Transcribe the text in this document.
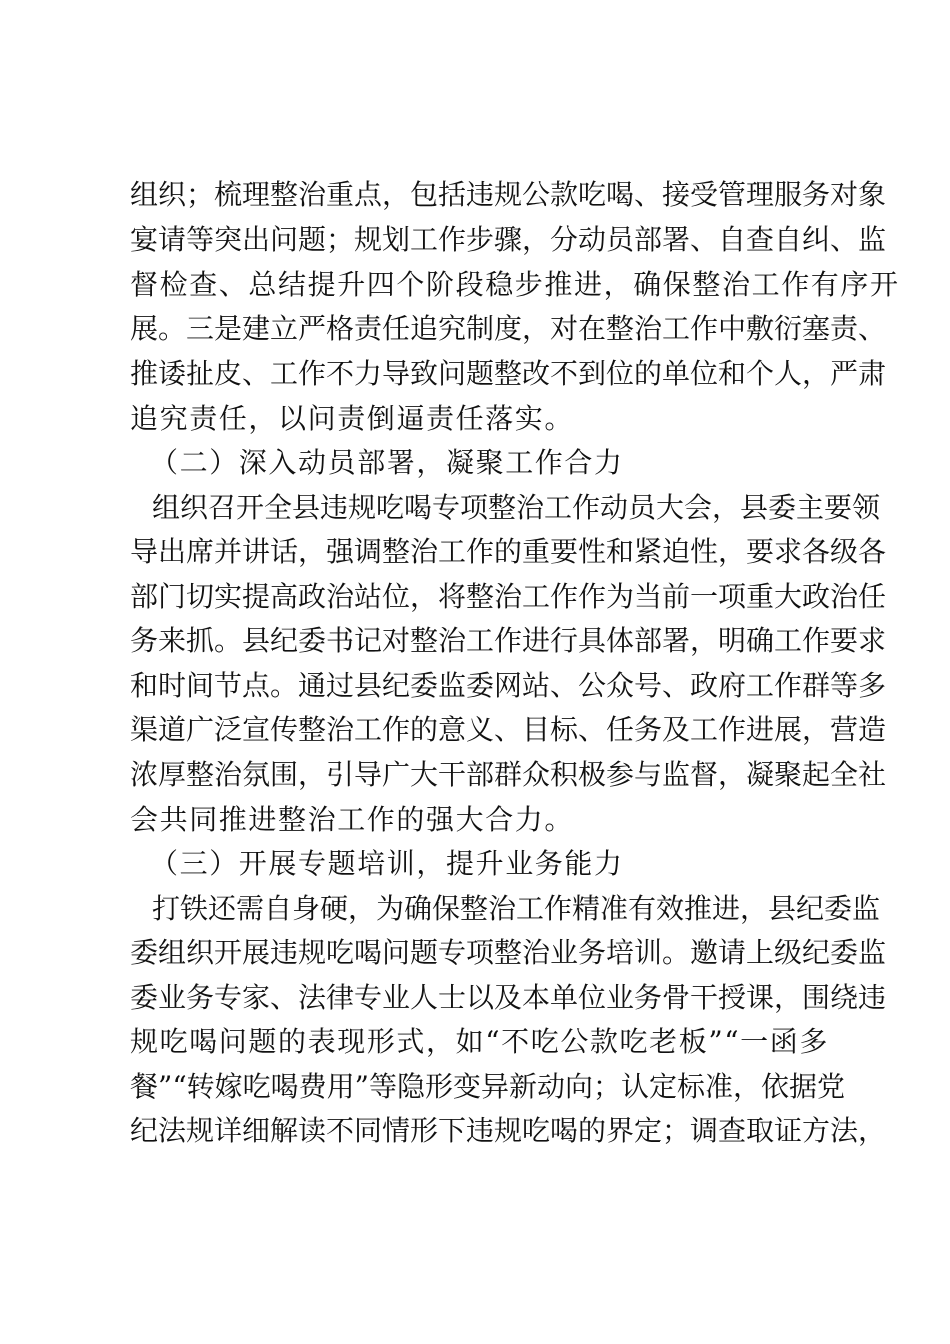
组织；梳理整治重点，包括违规公款吃喝、接受管理服务对象
宴请等突出问题；规划工作步骤，分动员部署、自查自纠、监
督检查、总结提升四个阶段稳步推进，确保整治工作有序开
展。三是建立严格责任追究制度，对在整治工作中敷衍塞责、
推诿扯皮、工作不力导致问题整改不到位的单位和个人，严肃
追究责任，以问责倒逼责任落实。
（二）深入动员部署，凝聚工作合力
组织召开全县违规吃喝专项整治工作动员大会，县委主要领
导出席并讲话，强调整治工作的重要性和紧迫性，要求各级各
部门切实提高政治站位，将整治工作作为当前一项重大政治任
务来抓。县纪委书记对整治工作进行具体部署，明确工作要求
和时间节点。通过县纪委监委网站、公众号、政府工作群等多
渠道广泛宣传整治工作的意义、目标、任务及工作进展，营造
浓厚整治氛围，引导广大干部群众积极参与监督，凝聚起全社
会共同推进整治工作的强大合力。
（三）开展专题培训，提升业务能力
打铁还需自身硬，为确保整治工作精准有效推进，县纪委监
委组织开展违规吃喝问题专项整治业务培训。邀请上级纪委监
委业务专家、法律专业人士以及本单位业务骨干授课，围绕违
规吃喝问题的表现形式，如“不吃公款吃老板”“一函多
餐”“转嫁吃喝费用”等隐形变异新动向；认定标准，依据党
纪法规详细解读不同情形下违规吃喝的界定；调查取证方法，
